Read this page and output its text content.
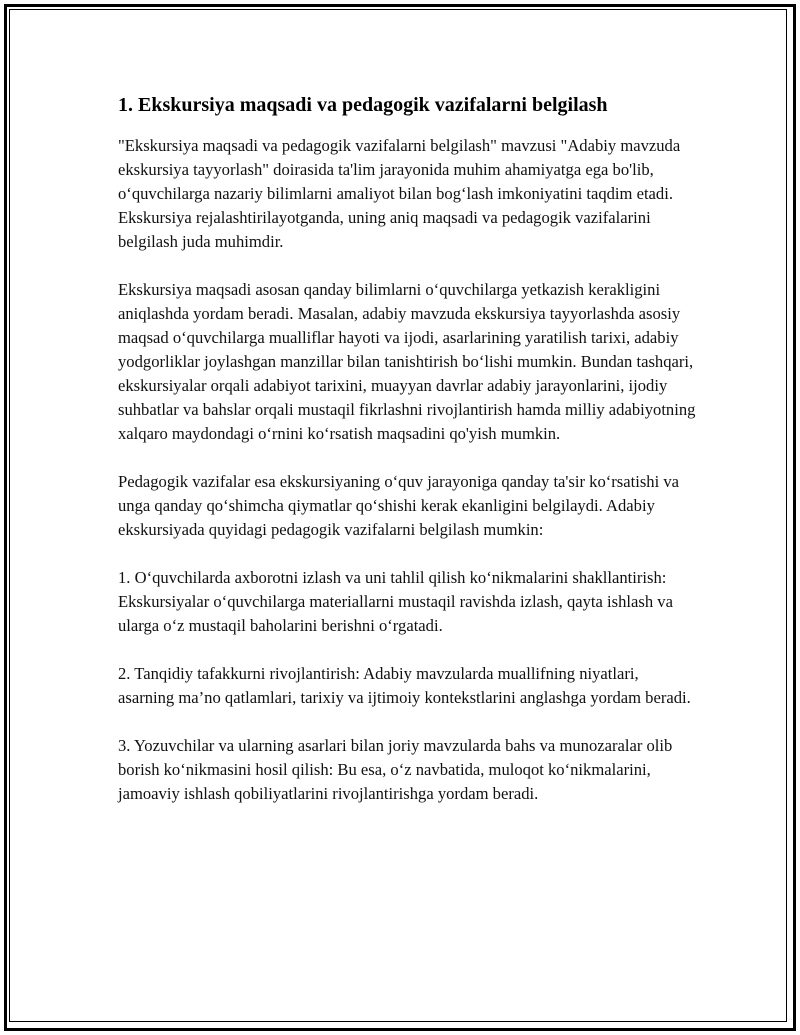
1. Ekskursiya maqsadi va pedagogik vazifalarni belgilash

"Ekskursiya maqsadi va pedagogik vazifalarni belgilash" mavzusi "Adabiy mavzuda ekskursiya tayyorlash" doirasida ta'lim jarayonida muhim ahamiyatga ega bo'lib, o‘quvchilarga nazariy bilimlarni amaliyot bilan bog‘lash imkoniyatini taqdim etadi. Ekskursiya rejalashtirilayotganda, uning aniq maqsadi va pedagogik vazifalarini belgilash juda muhimdir.

Ekskursiya maqsadi asosan qanday bilimlarni o‘quvchilarga yetkazish kerakligini aniqlashda yordam beradi. Masalan, adabiy mavzuda ekskursiya tayyorlashda asosiy maqsad o‘quvchilarga mualliflar hayoti va ijodi, asarlarining yaratilish tarixi, adabiy yodgorliklar joylashgan manzillar bilan tanishtirish bo‘lishi mumkin. Bundan tashqari, ekskursiyalar orqali adabiyot tarixini, muayyan davrlar adabiy jarayonlarini, ijodiy suhbatlar va bahslar orqali mustaqil fikrlashni rivojlantirish hamda milliy adabiyotning xalqaro maydondagi o‘rnini ko‘rsatish maqsadini qo'yish mumkin.

Pedagogik vazifalar esa ekskursiyaning o‘quv jarayoniga qanday ta'sir ko‘rsatishi va unga qanday qo‘shimcha qiymatlar qo‘shishi kerak ekanligini belgilaydi. Adabiy ekskursiyada quyidagi pedagogik vazifalarni belgilash mumkin:

1. O‘quvchilarda axborotni izlash va uni tahlil qilish ko‘nikmalarini shakllantirish: Ekskursiyalar o‘quvchilarga materiallarni mustaqil ravishda izlash, qayta ishlash va ularga o‘z mustaqil baholarini berishni o‘rgatadi.

2. Tanqidiy tafakkurni rivojlantirish: Adabiy mavzularda muallifning niyatlari, asarning ma’no qatlamlari, tarixiy va ijtimoiy kontekstlarini anglashga yordam beradi.

3. Yozuvchilar va ularning asarlari bilan joriy mavzularda bahs va munozaralar olib borish ko‘nikmasini hosil qilish: Bu esa, o‘z navbatida, muloqot ko‘nikmalarini, jamoaviy ishlash qobiliyatlarini rivojlantirishga yordam beradi.
